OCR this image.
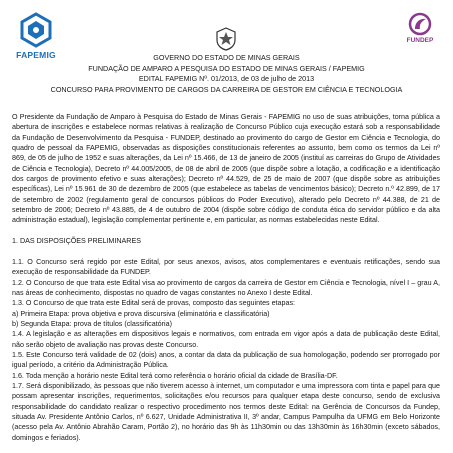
FAPEMIG
FUNDEP
GOVERNO DO ESTADO DE MINAS GERAIS
FUNDAÇÃO DE AMPARO A PESQUISA DO ESTADO DE MINAS GERAIS / FAPEMIG
EDITAL FAPEMIG Nº. 01/2013, de 03 de julho de 2013
CONCURSO PARA PROVIMENTO DE CARGOS DA CARREIRA DE GESTOR EM CIÊNCIA E TECNOLOGIA

O Presidente da Fundação de Amparo à Pesquisa do Estado de Minas Gerais - FAPEMIG no uso de suas atribuições, torna pública a abertura de inscrições e estabelece normas relativas à realização de Concurso Público cuja execução estará sob a responsabilidade da Fundação de Desenvolvimento da Pesquisa - FUNDEP, destinado ao provimento do cargo de Gestor em Ciência e Tecnologia, do quadro de pessoal da FAPEMIG, observadas as disposições constitucionais referentes ao assunto, bem como os termos da Lei nº 869, de 05 de julho de 1952 e suas alterações, da Lei nº 15.466, de 13 de janeiro de 2005 (instituí as carreiras do Grupo de Atividades de Ciência e Tecnologia), Decreto nº 44.005/2005, de 08 de abril de 2005 (que dispõe sobre a lotação, a codificação e a identificação dos cargos de provimento efetivo e suas alterações); Decreto nº 44.529, de 25 de maio de 2007 (que dispõe sobre as atribuições específicas), Lei nº 15.961 de 30 de dezembro de 2005 (que estabelece as tabelas de vencimentos básico); Decreto n.º 42.899, de 17 de setembro de 2002 (regulamento geral de concursos públicos do Poder Executivo), alterado pelo Decreto nº 44.388, de 21 de setembro de 2006; Decreto nº 43.885, de 4 de outubro de 2004 (dispõe sobre código de conduta ética do servidor público e da alta administração estadual), legislação complementar pertinente e, em particular, as normas estabelecidas neste Edital.

1. DAS DISPOSIÇÕES PRELIMINARES

1.1. O Concurso será regido por este Edital, por seus anexos, avisos, atos complementares e eventuais retificações, sendo sua execução de responsabilidade da FUNDEP.

1.2. O Concurso de que trata este Edital visa ao provimento de cargos da carreira de Gestor em Ciência e Tecnologia, nível I – grau A, nas áreas de conhecimento, dispostas no quadro de vagas constantes no Anexo I deste Edital.

1.3. O Concurso de que trata este Edital será de provas, composto das seguintes etapas:

a) Primeira Etapa: prova objetiva e prova discursiva (eliminatória e classificatória)

b) Segunda Etapa: prova de títulos (classificatória)

1.4. A legislação e as alterações em dispositivos legais e normativos, com entrada em vigor após a data de publicação deste Edital, não serão objeto de avaliação nas provas deste Concurso.

1.5. Este Concurso terá validade de 02 (dois) anos, a contar da data da publicação de sua homologação, podendo ser prorrogado por igual período, a critério da Administração Pública.

1.6. Toda menção a horário neste Edital terá como referência o horário oficial da cidade de Brasília-DF.

1.7. Será disponibilizado, às pessoas que não tiverem acesso à internet, um computador e uma impressora com tinta e papel para que possam apresentar inscrições, requerimentos, solicitações e/ou recursos para qualquer etapa deste concurso, sendo de exclusiva responsabilidade do candidato realizar o respectivo procedimento nos termos deste Edital: na Gerência de Concursos da Fundep, situada Av. Presidente Antônio Carlos, nº 6.627, Unidade Administrativa II, 3º andar, Campus Pampulha da UFMG em Belo Horizonte (acesso pela Av. Antônio Abrahão Caram, Portão 2), no horário das 9h às 11h30min ou das 13h30min às 16h30min (exceto sábados, domingos e feriados).
